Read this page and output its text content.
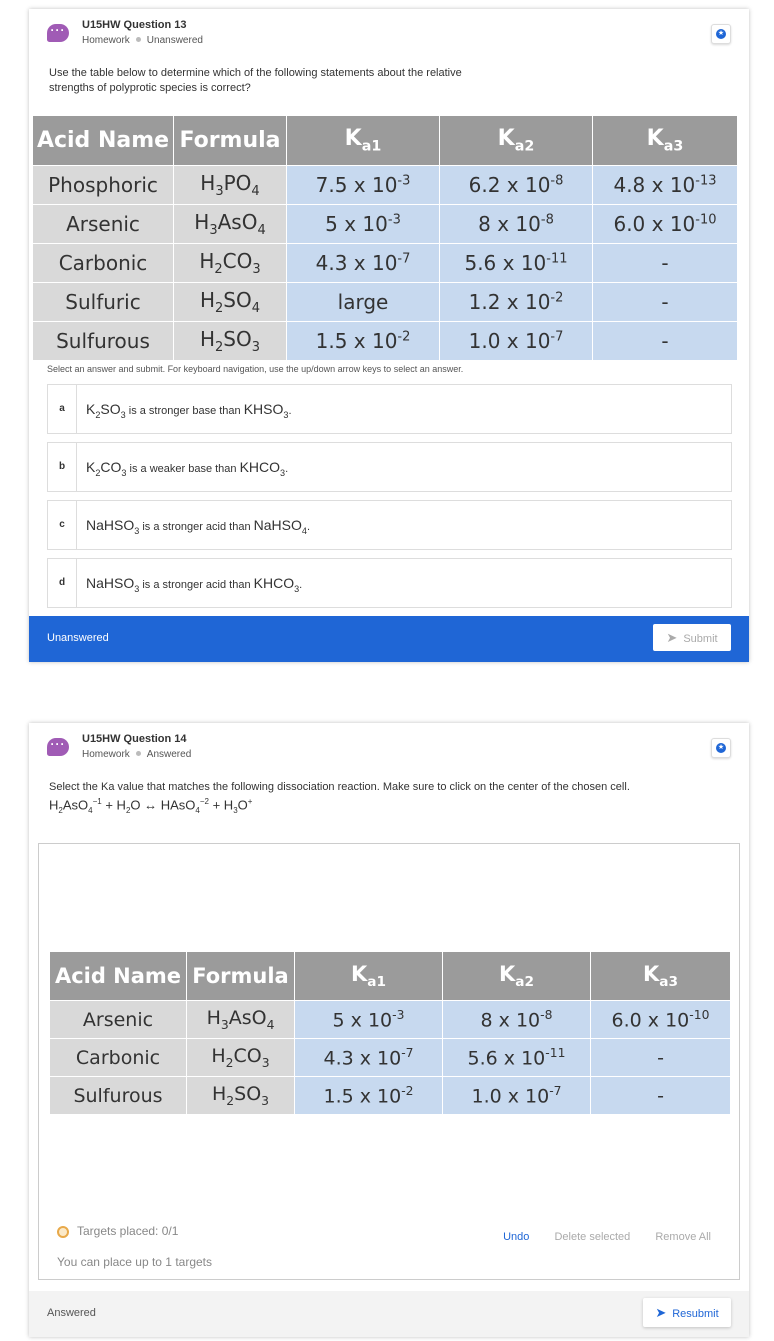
···	U15HW Question 13
Homework Unanswered
★
Use the table below to determine which of the following statements about the relative strengths of polyprotic species is correct?
Acid Name	Formula	$K_{a1}$	$K_{a2}$	$K_{a3}$
Phosphoric	$H_3PO_4$	7.5 x $10^{-3}$	6.2 x $10^{-8}$	4.8 x $10^{-13}$
Arsenic	$H_3AsO_4$	5 x $10^{-3}$	8 x $10^{-8}$	6.0 x $10^{-10}$
Carbonic	$H_2CO_3$	4.3 x $10^{-7}$	5.6 x $10^{-11}$	-
Sulfuric	$H_2SO_4$	large	1.2 x $10^{-2}$	-
Sulfurous	$H_2SO_3$	1.5 x $10^{-2}$	1.0 x $10^{-7}$	-
Select an answer and submit. For keyboard navigation, use the up/down arrow keys to select an answer.
a	$K_2SO_3$ is a stronger base than $KHSO_3$.
b	$K_2CO_3$ is a weaker base than $KHCO_3$.
c	NaHSO$_3$ is a stronger acid than NaHSO$_4$.
d	NaHSO$_3$ is a stronger acid than $KHCO_3$.
Unanswered	➤ Submit
···	U15HW Question 14
Homework Answered
★
Select the Ka value that matches the following dissociation reaction. Make sure to click on the center of the chosen cell.
$H_2AsO_4^{-1} + H_2O$ ↔ HAsO$_4^{-2}$ + $H_3O^+$
Acid Name	Formula	$K_{a1}$	$K_{a2}$	$K_{a3}$
Arsenic	$H_3AsO_4$	5 x $10^{-3}$	8 x $10^{-8}$	6.0 x $10^{-10}$
Carbonic	$H_2CO_3$	4.3 x $10^{-7}$	5.6 x $10^{-11}$	-
Sulfurous	$H_2SO_3$	1.5 x $10^{-2}$	1.0 x $10^{-7}$	-
Targets placed: 0/1
You can place up to 1 targets
Undo Delete selected Remove All
Answered	➤ Resubmit
